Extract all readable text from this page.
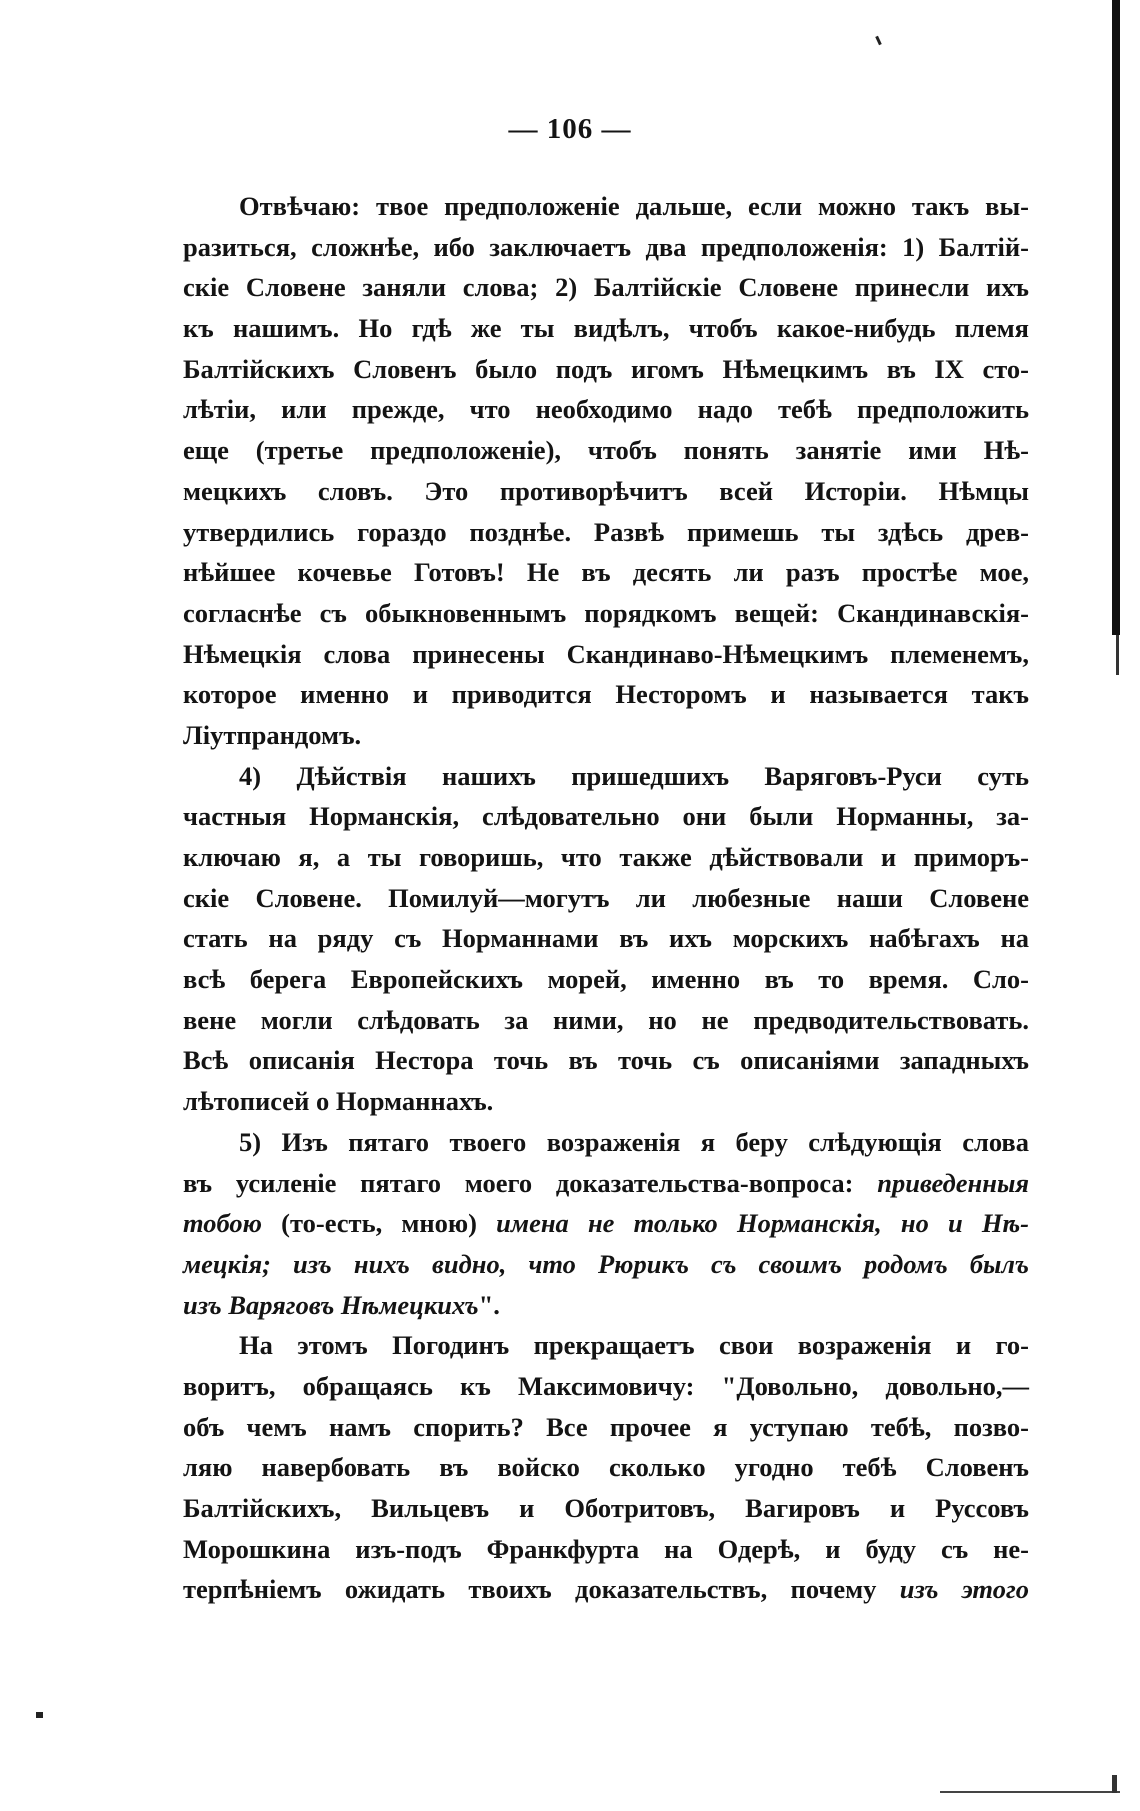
— 106 —
Отвѣчаю: твое предположеніе дальше, если можно такъ вы-
разиться, сложнѣе, ибо заключаетъ два предположенія: 1) Балтій-
скіе Словене заняли слова; 2) Балтійскіе Словене принесли ихъ
къ нашимъ. Но гдѣ же ты видѣлъ, чтобъ какое-нибудь племя
Балтійскихъ Словенъ было подъ игомъ Нѣмецкимъ въ IX сто-
лѣтіи, или прежде, что необходимо надо тебѣ предположить
еще (третье предположеніе), чтобъ понять занятіе ими Нѣ-
мецкихъ словъ. Это противорѣчитъ всей Исторіи. Нѣмцы
утвердились гораздо позднѣе. Развѣ примешь ты здѣсь древ-
нѣйшее кочевье Готовъ! Не въ десять ли разъ простѣе мое,
согласнѣе съ обыкновеннымъ порядкомъ вещей: Скандинавскія-
Нѣмецкія слова принесены Скандинаво-Нѣмецкимъ племенемъ,
которое именно и приводится Несторомъ и называется такъ
Ліутпрандомъ.
4) Дѣйствія нашихъ пришедшихъ Варяговъ-Руси суть
частныя Норманскія, слѣдовательно они были Норманны, за-
ключаю я, а ты говоришь, что также дѣйствовали и приморъ-
скіе Словене. Помилуй—могутъ ли любезные наши Словене
стать на ряду съ Норманнами въ ихъ морскихъ набѣгахъ на
всѣ берега Европейскихъ морей, именно въ то время. Сло-
вене могли слѣдовать за ними, но не предводительствовать.
Всѣ описанія Нестора точь въ точь съ описаніями западныхъ
лѣтописей о Норманнахъ.
5) Изъ пятаго твоего возраженія я беру слѣдующія слова
въ усиленіе пятаго моего доказательства-вопроса: приведенныя
тобою (то-есть, мною) имена не только Норманскія, но и Нѣ-
мецкія; изъ нихъ видно, что Рюрикъ съ своимъ родомъ былъ
изъ Варяговъ Нѣмецкихъ".
На этомъ Погодинъ прекращаетъ свои возраженія и го-
воритъ, обращаясь къ Максимовичу: "Довольно, довольно,—
объ чемъ намъ спорить? Все прочее я уступаю тебѣ, позво-
ляю навербовать въ войско сколько угодно тебѣ Словенъ
Балтійскихъ, Вильцевъ и Оботритовъ, Вагировъ и Руссовъ
Морошкина изъ-подъ Франкфурта на Одерѣ, и буду съ не-
терпѣніемъ ожидать твоихъ доказательствъ, почему изъ этого
